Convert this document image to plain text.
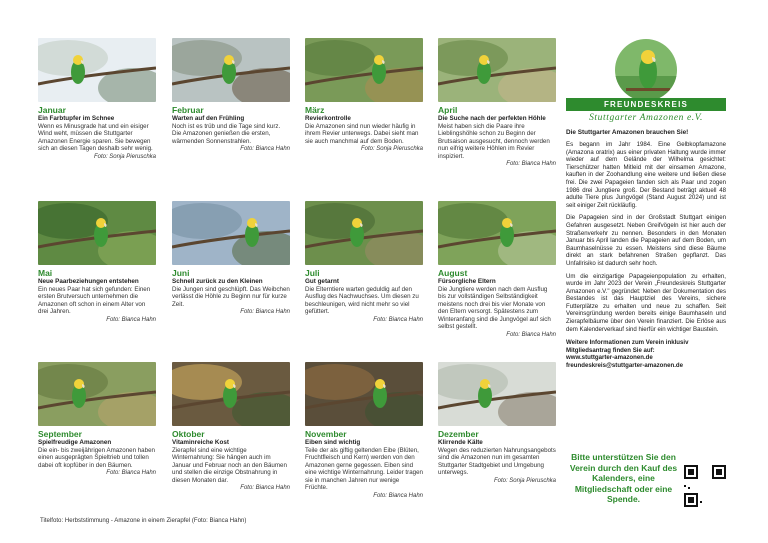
Januar
Ein Farbtupfer im Schnee
Wenn es Minusgrade hat und ein eisiger Wind weht, müssen die Stuttgarter Amazonen Energie sparen. Sie bewegen sich an diesen Tagen deshalb sehr wenig.
Foto: Sonja Pieruschka
Februar
Warten auf den Frühling
Noch ist es trüb und die Tage sind kurz. Die Amazonen genießen die ersten, wärmenden Sonnenstrahlen.
Foto: Bianca Hahn
März
Revierkontrolle
Die Amazonen sind nun wieder häufig in ihrem Revier unterwegs. Dabei sieht man sie auch manchmal auf dem Boden.
Foto: Sonja Pieruschka
April
Die Suche nach der perfekten Höhle
Meist haben sich die Paare ihre Lieblingshöhle schon zu Beginn der Brutsaison ausgesucht, dennoch werden nun eifrig weitere Höhlen im Revier inspiziert.
Foto: Bianca Hahn
Mai
Neue Paarbeziehungen entstehen
Ein neues Paar hat sich gefunden: Einen ersten Brutversuch unternehmen die Amazonen oft schon in einem Alter von drei Jahren.
Foto: Bianca Hahn
Juni
Schnell zurück zu den Kleinen
Die Jungen sind geschlüpft. Das Weibchen verlässt die Höhle zu Beginn nur für kurze Zeit.
Foto: Bianca Hahn
Juli
Gut getarnt
Die Elterntiere warten geduldig auf den Ausflug des Nachwuchses. Um diesen zu beschleunigen, wird nicht mehr so viel gefüttert.
Foto: Bianca Hahn
August
Fürsorgliche Eltern
Die Jungtiere werden nach dem Ausflug bis zur vollständigen Selbständigkeit meistens noch drei bis vier Monate von den Eltern versorgt. Spätestens zum Winteranfang sind die Jungvögel auf sich selbst gestellt.
Foto: Bianca Hahn
September
Spielfreudige Amazonen
Die ein- bis zweijährigen Amazonen haben einen ausgeprägten Spieltrieb und tollen dabei oft kopfüber in den Bäumen.
Foto: Bianca Hahn
Oktober
Vitaminreiche Kost
Zierapfel sind eine wichtige Winternahrung: Sie hängen auch im Januar und Februar noch an den Bäumen und stellen die einzige Obstnahrung in diesen Monaten dar.
Foto: Bianca Hahn
November
Eiben sind wichtig
Teile der als giftig geltenden Eibe (Blüten, Fruchtfleisch und Kern) werden von den Amazonen gerne gegessen. Eiben sind eine wichtige Winternahrung. Leider tragen sie in manchen Jahren nur wenige Früchte.
Foto: Bianca Hahn
Dezember
Klirrende Kälte
Wegen des reduzierten Nahrungsangebots sind die Amazonen nun im gesamten Stuttgarter Stadtgebiet und Umgebung unterwegs.
Foto: Sonja Pieruschka
FREUNDESKREIS
Stuttgarter Amazonen e.V.
Die Stuttgarter Amazonen brauchen Sie!
Es begann im Jahr 1984. Eine Gelbkopfamazone (Amazona oratrix) aus einer privaten Haltung wurde immer wieder auf dem Gelände der Wilhelma gesichtet: Tierschützer hatten Mitleid mit der einsamen Amazone, kauften in der Zoohandlung eine weitere und ließen diese frei. Die zwei Papageien fanden sich als Paar und zogen 1986 drei Jungtiere groß. Der Bestand beträgt aktuell 48 adulte Tiere plus Jungvögel (Stand August 2024) und ist seit einiger Zeit rückläufig.
Die Papageien sind in der Großstadt Stuttgart einigen Gefahren ausgesetzt. Neben Greifvögeln ist hier auch der Straßenverkehr zu nennen. Besonders in den Monaten Januar bis April landen die Papageien auf dem Boden, um Baumhaselnüsse zu essen. Meistens sind diese Bäume direkt an stark befahrenen Straßen gepflanzt. Das Unfallrisiko ist dadurch sehr hoch.
Um die einzigartige Papageienpopulation zu erhalten, wurde im Jahr 2023 der Verein „Freundeskreis Stuttgarter Amazonen e.V." gegründet: Neben der Dokumentation des Bestandes ist das Hauptziel des Vereins, sichere Futterplätze zu erhalten und neue zu schaffen. Seit Vereinsgründung werden bereits einige Baumhaseln und Zierapfelbäume über den Verein finanziert. Die Erlöse aus dem Kalenderverkauf sind hierfür ein wichtiger Baustein.
Weitere Informationen zum Verein inklusiv Mitgliedsantrag finden Sie auf:
www.stuttgarter-amazonen.de
freundeskreis@stuttgarter-amazonen.de
Bitte unterstützen Sie den Verein durch den Kauf des Kalenders, eine Mitgliedschaft oder eine Spende.
Titelfoto: Herbststimmung - Amazone in einem Zierapfel (Foto: Bianca Hahn)
